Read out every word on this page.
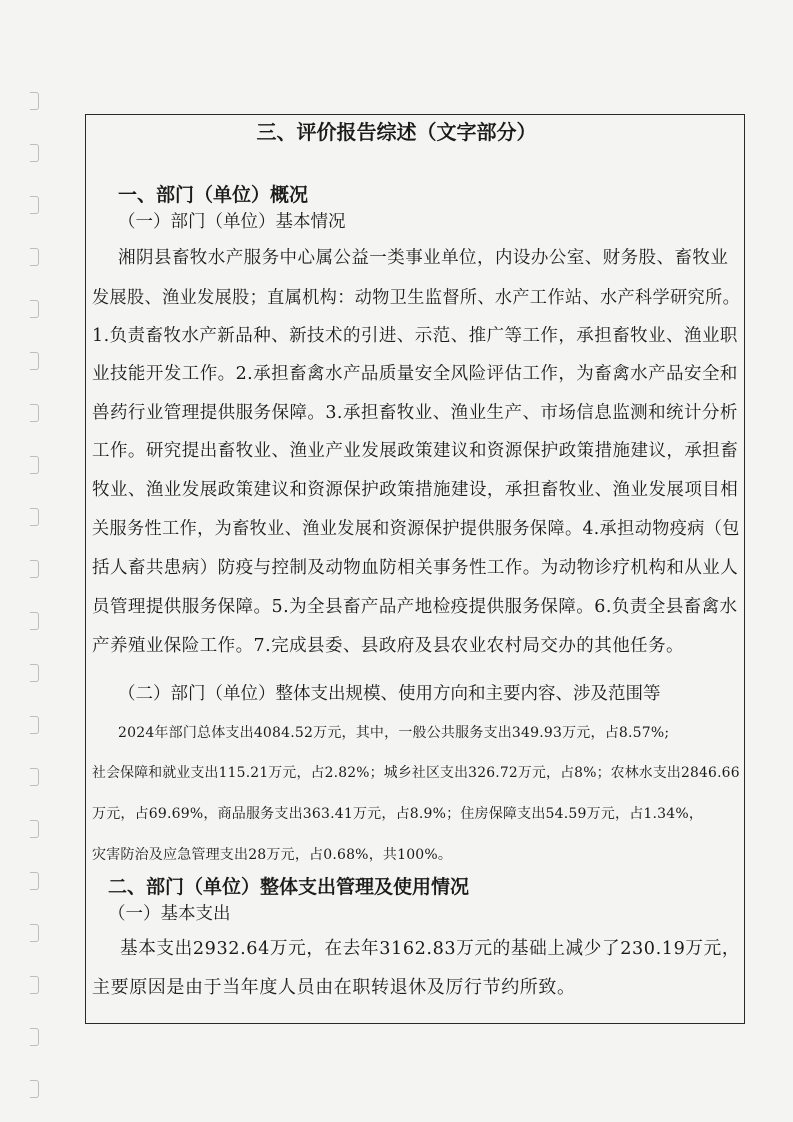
三、评价报告综述（文字部分）
一、部门（单位）概况
（一）部门（单位）基本情况
湘阴县畜牧水产服务中心属公益一类事业单位，内设办公室、财务股、畜牧业
发展股、渔业发展股；直属机构：动物卫生监督所、水产工作站、水产科学研究所。
1.负责畜牧水产新品种、新技术的引进、示范、推广等工作，承担畜牧业、渔业职
业技能开发工作。2.承担畜禽水产品质量安全风险评估工作，为畜禽水产品安全和
兽药行业管理提供服务保障。3.承担畜牧业、渔业生产、市场信息监测和统计分析
工作。研究提出畜牧业、渔业产业发展政策建议和资源保护政策措施建议，承担畜
牧业、渔业发展政策建议和资源保护政策措施建设，承担畜牧业、渔业发展项目相
关服务性工作，为畜牧业、渔业发展和资源保护提供服务保障。4.承担动物疫病（包
括人畜共患病）防疫与控制及动物血防相关事务性工作。为动物诊疗机构和从业人
员管理提供服务保障。5.为全县畜产品产地检疫提供服务保障。6.负责全县畜禽水
产养殖业保险工作。7.完成县委、县政府及县农业农村局交办的其他任务。
（二）部门（单位）整体支出规模、使用方向和主要内容、涉及范围等
2024年部门总体支出4084.52万元，其中，一般公共服务支出349.93万元，占8.57%;
社会保障和就业支出115.21万元，占2.82%；城乡社区支出326.72万元，占8%；农林水支出2846.66
万元，占69.69%，商品服务支出363.41万元，占8.9%；住房保障支出54.59万元，占1.34%，
灾害防治及应急管理支出28万元，占0.68%，共100%。
二、部门（单位）整体支出管理及使用情况
（一）基本支出
基本支出2932.64万元，在去年3162.83万元的基础上减少了230.19万元，
主要原因是由于当年度人员由在职转退休及厉行节约所致。
